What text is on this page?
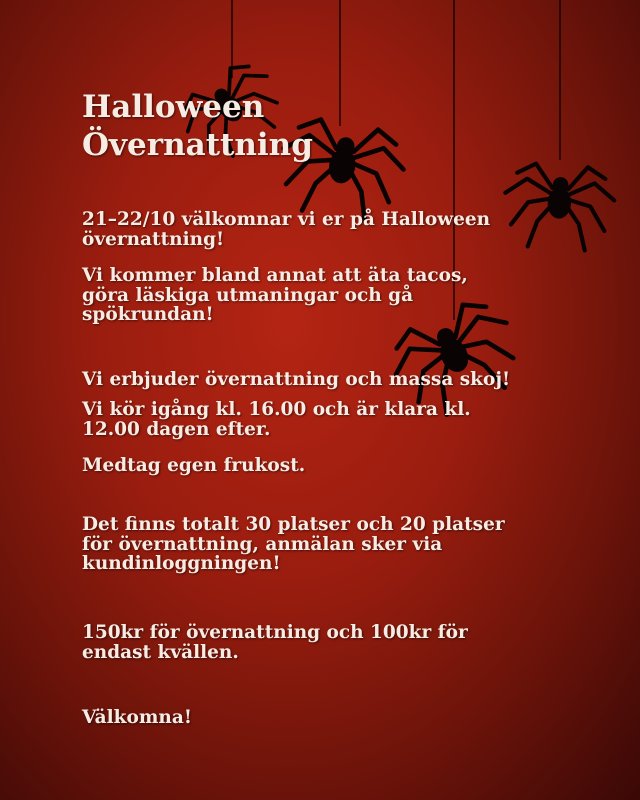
Halloween
Övernattning

21–22/10 välkomnar vi er på Halloween
övernattning!

Vi kommer bland annat att äta tacos,
göra läskiga utmaningar och gå
spökrundan!

Vi erbjuder övernattning och massa skoj!

Vi kör igång kl. 16.00 och är klara kl.
12.00 dagen efter.

Medtag egen frukost.

Det finns totalt 30 platser och 20 platser
för övernattning, anmälan sker via
kundinloggningen!

150kr för övernattning och 100kr för
endast kvällen.

Välkomna!
